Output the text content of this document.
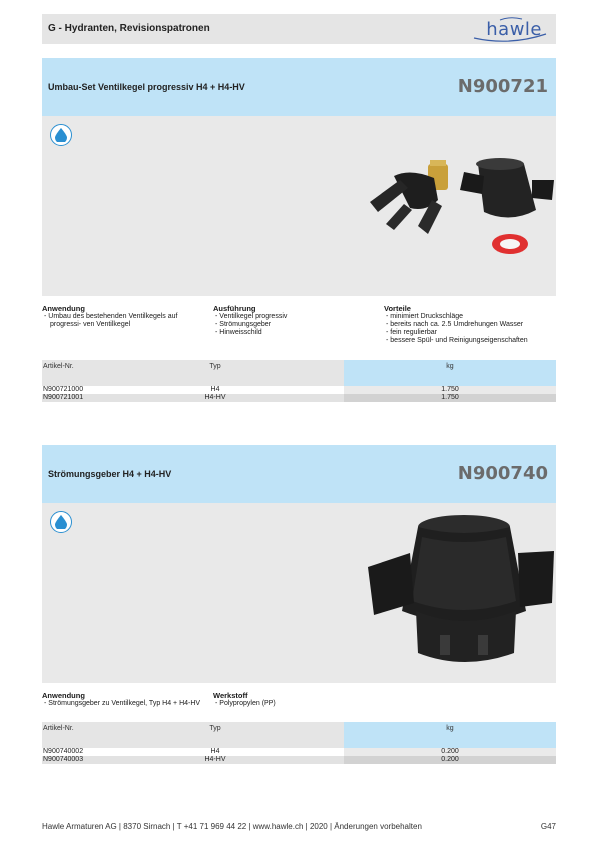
G - Hydranten, Revisionspatronen	hawle
Umbau-Set Ventilkegel progressiv H4 + H4-HV	N900721
Anwendung
- Umbau des bestehenden Ventilkegels auf progressi- ven Ventilkegel
Ausführung
- Ventilkegel progressiv
- Strömungsgeber
- Hinweisschild
Vorteile
- minimiert Druckschläge
- bereits nach ca. 2.5 Umdrehungen Wasser
- fein regulierbar
- bessere Spül- und Reinigungseigenschaften
Artikel-Nr.	Typ	kg
N900721000	H4	1.750
N900721001	H4-HV	1.750
Strömungsgeber H4 + H4-HV	N900740
Anwendung
- Strömungsgeber zu Ventilkegel, Typ H4 + H4-HV
Werkstoff
- Polypropylen (PP)
Artikel-Nr.	Typ	kg
N900740002	H4	0.200
N900740003	H4-HV	0.200
Hawle Armaturen AG | 8370 Sirnach | T +41 71 969 44 22 | www.hawle.ch | 2020 | Änderungen vorbehalten	G47
